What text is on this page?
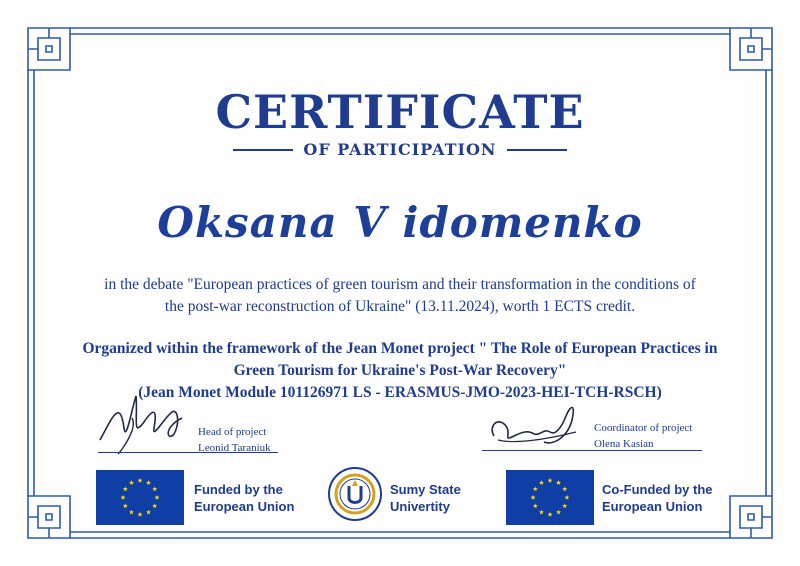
CERTIFICATE
OF PARTICIPATION
Oksana V idomenko
in the debate "European practices of green tourism and their transformation in the conditions of
the post-war reconstruction of Ukraine" (13.11.2024), worth 1 ECTS credit.
Organized within the framework of the Jean Monet project " The Role of European Practices in
Green Tourism for Ukraine's Post-War Recovery"
(Jean Monet Module 101126971 LS - ERASMUS-JMO-2023-HEI-TCH-RSCH)
Head of project
Leonid Taraniuk
Coordinator of project
Olena Kasian
Funded by the
European Union
Sumy State
Univertity
Co-Funded by the
European Union
